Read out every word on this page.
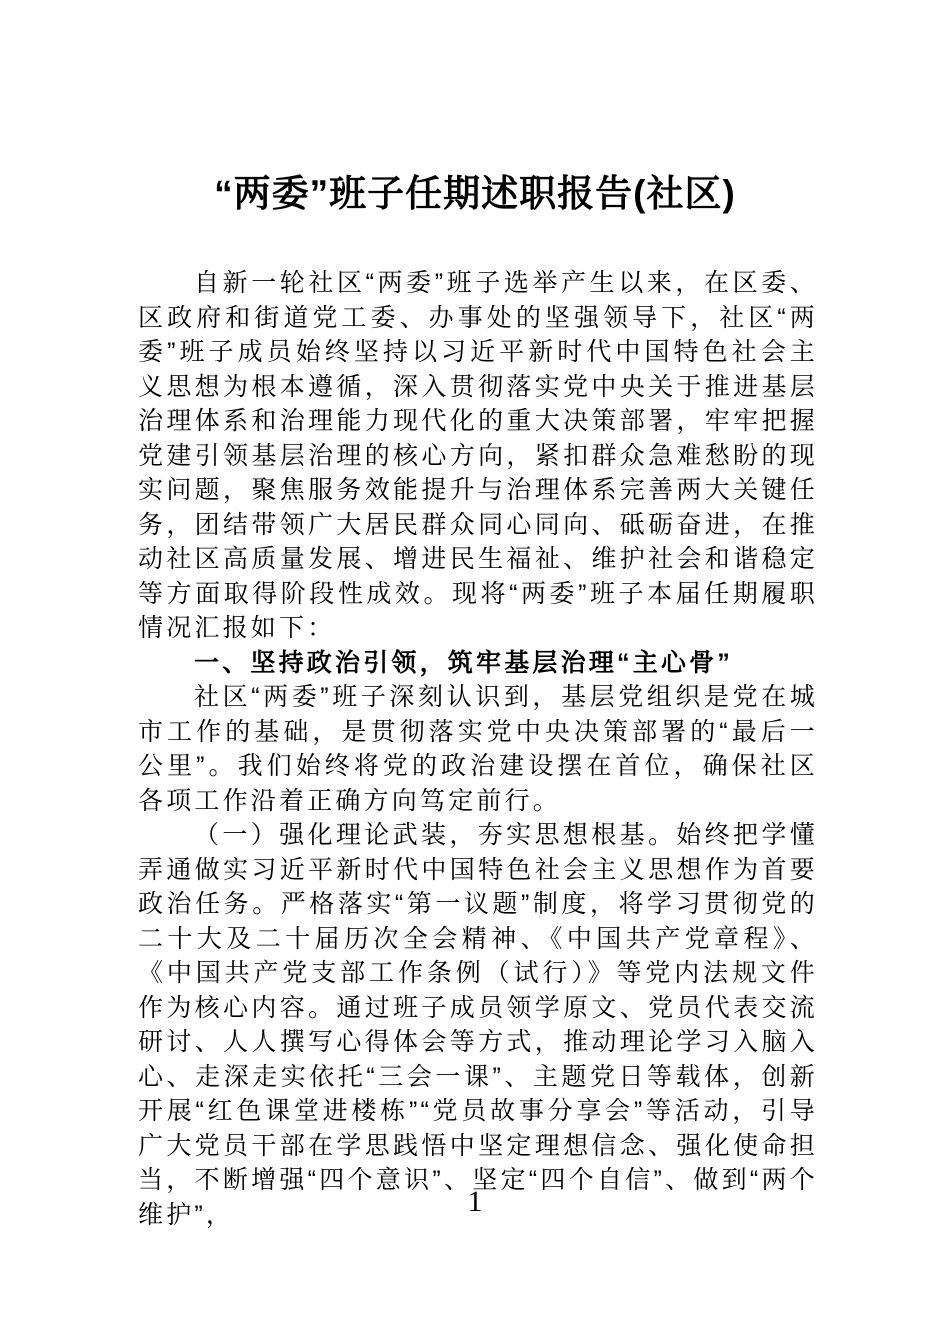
“两委”班子任期述职报告(社区)

自新一轮社区“两委”班子选举产生以来，在区委、区政府和街道党工委、办事处的坚强领导下，社区“两委”班子成员始终坚持以习近平新时代中国特色社会主义思想为根本遵循，深入贯彻落实党中央关于推进基层治理体系和治理能力现代化的重大决策部署，牢牢把握党建引领基层治理的核心方向，紧扣群众急难愁盼的现实问题，聚焦服务效能提升与治理体系完善两大关键任务，团结带领广大居民群众同心同向、砥砺奋进，在推动社区高质量发展、增进民生福祉、维护社会和谐稳定等方面取得阶段性成效。现将“两委”班子本届任期履职情况汇报如下：

一、坚持政治引领，筑牢基层治理“主心骨”

社区“两委”班子深刻认识到，基层党组织是党在城市工作的基础，是贯彻落实党中央决策部署的“最后一公里”。我们始终将党的政治建设摆在首位，确保社区各项工作沿着正确方向笃定前行。

（一）强化理论武装，夯实思想根基。始终把学懂弄通做实习近平新时代中国特色社会主义思想作为首要政治任务。严格落实“第一议题”制度，将学习贯彻党的二十大及二十届历次全会精神、《中国共产党章程》、《中国共产党支部工作条例（试行）》等党内法规文件作为核心内容。通过班子成员领学原文、党员代表交流研讨、人人撰写心得体会等方式，推动理论学习入脑入心、走深走实依托“三会一课”、主题党日等载体，创新开展“红色课堂进楼栋”“党员故事分享会”等活动，引导广大党员干部在学思践悟中坚定理想信念、强化使命担当，不断增强“四个意识”、坚定“四个自信”、做到“两个维护”，	1
